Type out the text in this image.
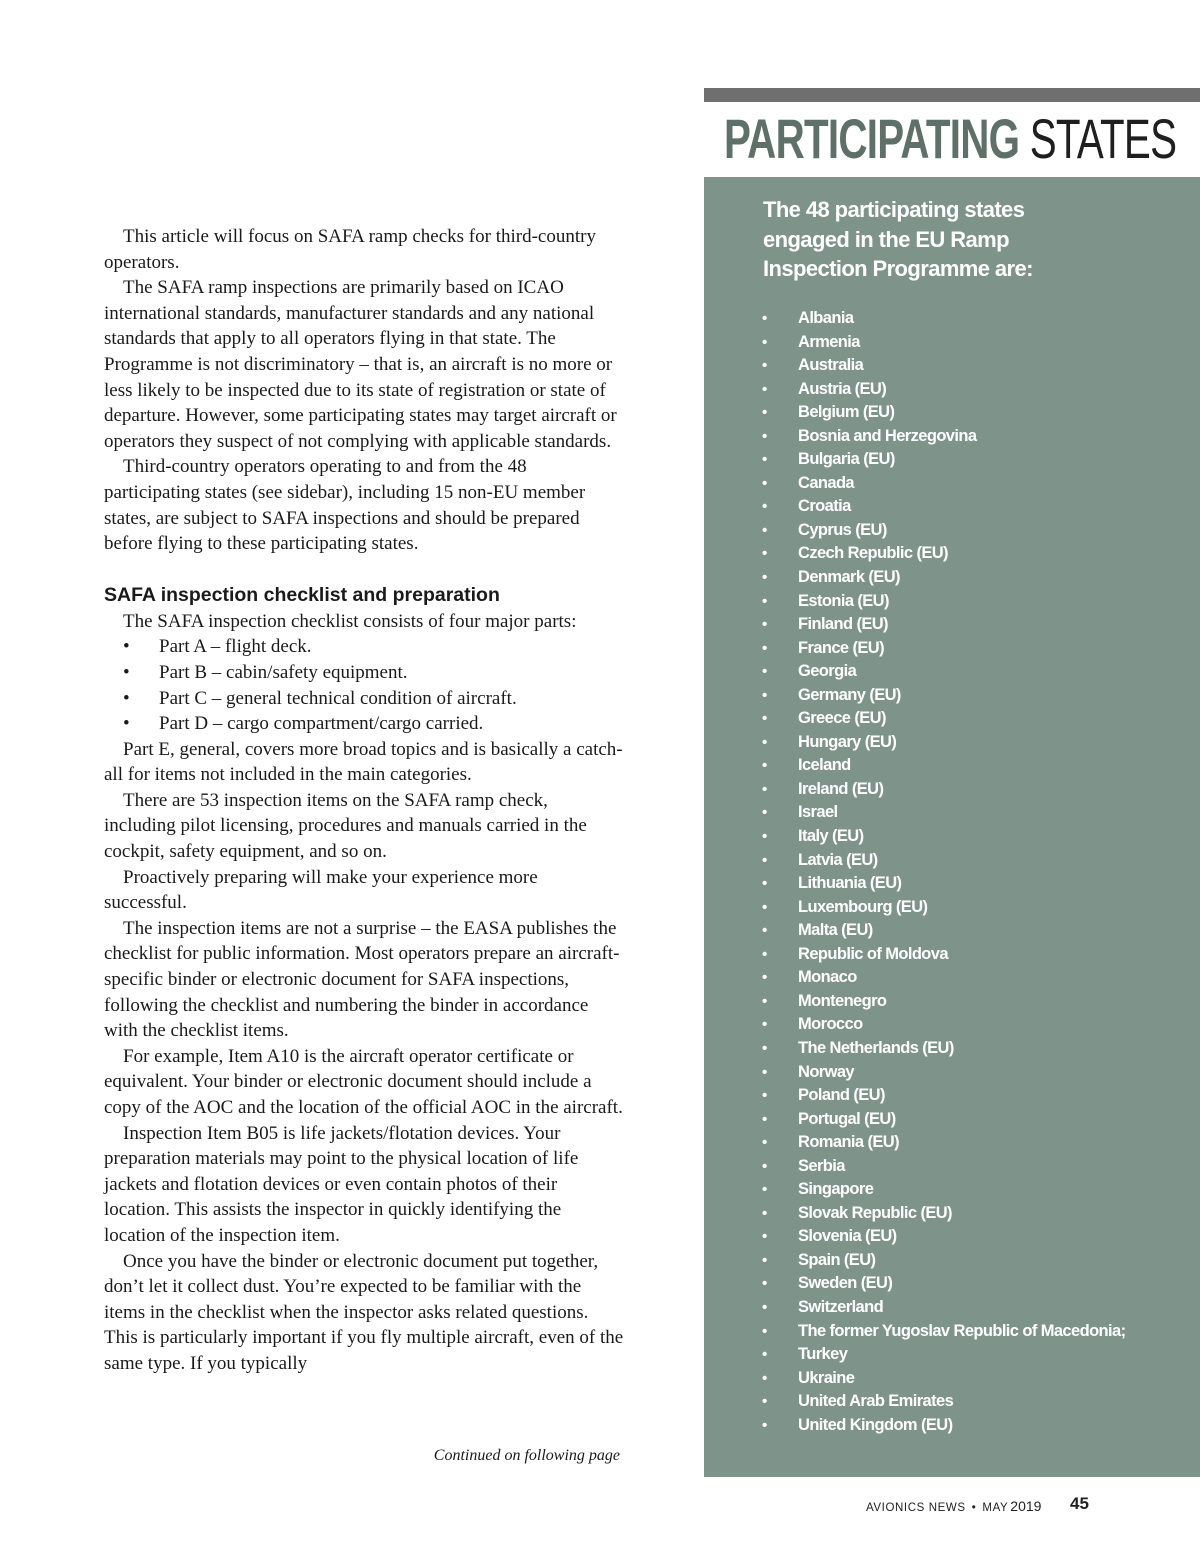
This article will focus on SAFA ramp checks for third-country operators.

The SAFA ramp inspections are primarily based on ICAO international standards, manufacturer standards and any national standards that apply to all operators flying in that state. The Programme is not discriminatory – that is, an aircraft is no more or less likely to be inspected due to its state of registration or state of departure. However, some participating states may target aircraft or operators they suspect of not complying with applicable standards.

Third-country operators operating to and from the 48 participating states (see sidebar), including 15 non-EU member states, are subject to SAFA inspections and should be prepared before flying to these participating states.

SAFA inspection checklist and preparation

The SAFA inspection checklist consists of four major parts:

• Part A – flight deck.
• Part B – cabin/safety equipment.
• Part C – general technical condition of aircraft.
• Part D – cargo compartment/cargo carried.

Part E, general, covers more broad topics and is basically a catch-all for items not included in the main categories.

There are 53 inspection items on the SAFA ramp check, including pilot licensing, procedures and manuals carried in the cockpit, safety equipment, and so on.

Proactively preparing will make your experience more successful.

The inspection items are not a surprise – the EASA publishes the checklist for public information. Most operators prepare an aircraft-specific binder or electronic document for SAFA inspections, following the checklist and numbering the binder in accordance with the checklist items.

For example, Item A10 is the aircraft operator certificate or equivalent. Your binder or electronic document should include a copy of the AOC and the location of the official AOC in the aircraft.

Inspection Item B05 is life jackets/flotation devices. Your preparation materials may point to the physical location of life jackets and flotation devices or even contain photos of their location. This assists the inspector in quickly identifying the location of the inspection item.

Once you have the binder or electronic document put together, don’t let it collect dust. You’re expected to be familiar with the items in the checklist when the inspector asks related questions. This is particularly important if you fly multiple aircraft, even of the same type. If you typically

Continued on following page
PARTICIPATING STATES
The 48 participating states engaged in the EU Ramp Inspection Programme are:
• Albania
• Armenia
• Australia
• Austria (EU)
• Belgium (EU)
• Bosnia and Herzegovina
• Bulgaria (EU)
• Canada
• Croatia
• Cyprus (EU)
• Czech Republic (EU)
• Denmark (EU)
• Estonia (EU)
• Finland (EU)
• France (EU)
• Georgia
• Germany (EU)
• Greece (EU)
• Hungary (EU)
• Iceland
• Ireland (EU)
• Israel
• Italy (EU)
• Latvia (EU)
• Lithuania (EU)
• Luxembourg (EU)
• Malta (EU)
• Republic of Moldova
• Monaco
• Montenegro
• Morocco
• The Netherlands (EU)
• Norway
• Poland (EU)
• Portugal (EU)
• Romania (EU)
• Serbia
• Singapore
• Slovak Republic (EU)
• Slovenia (EU)
• Spain (EU)
• Sweden (EU)
• Switzerland
• The former Yugoslav Republic of Macedonia;
• Turkey
• Ukraine
• United Arab Emirates
• United Kingdom (EU)
AVIONICS NEWS • MAY 2019 45
